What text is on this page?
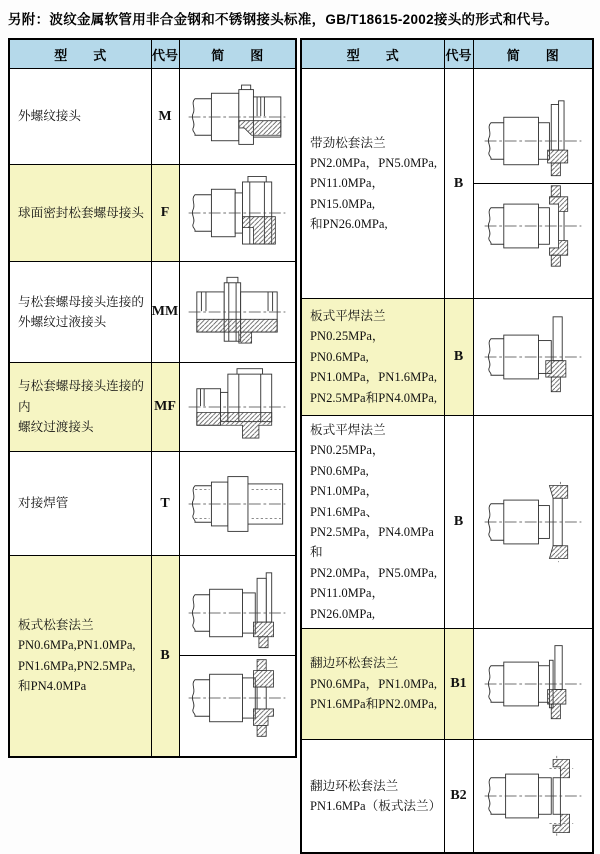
另附：波纹金属软管用非合金钢和不锈钢接头标准，GB/T18615-2002接头的形式和代号。
型　　式	代号	简　　图

外螺纹接头	M	

球面密封松套螺母接头	F	

与松套螺母接头连接的
外螺纹过液接头	MM	

与松套螺母接头连接的内
螺纹过渡接头	MF	

对接焊管	T	

板式松套法兰
PN0.6MPa,PN1.0MPa,
PN1.6MPa,PN2.5MPa,
和PN4.0MPa	B	
型　　式	代号	简　　图

带劲松套法兰
PN2.0MPa，PN5.0MPa,
PN11.0MPa，PN15.0MPa,
和PN26.0MPa,	B	

板式平焊法兰
PN0.25MPa，PN0.6MPa,
PN1.0MPa，PN1.6MPa,
PN2.5MPa和PN4.0MPa,	B	

板式平焊法兰
PN0.25MPa，PN0.6MPa,
PN1.0MPa，PN1.6MPa、
PN2.5MPa，PN4.0MPa和
PN2.0MPa，PN5.0MPa,
PN11.0MPa，PN26.0MPa,
	B	

翻边环松套法兰
PN0.6MPa，PN1.0MPa,
PN1.6MPa和PN2.0MPa,	B1	

翻边环松套法兰
PN1.6MPa（板式法兰）	B2	
